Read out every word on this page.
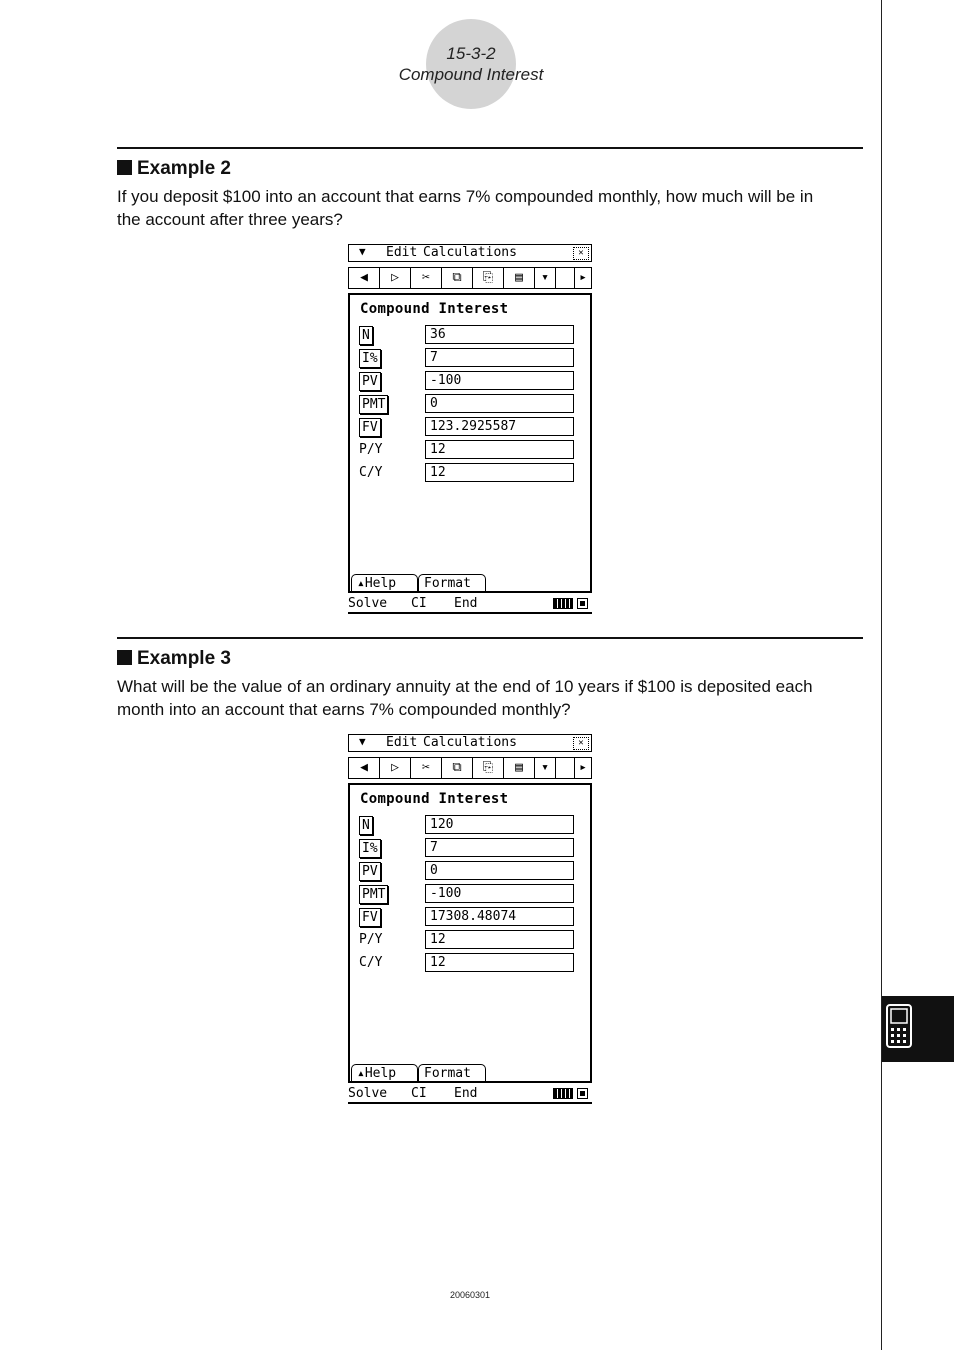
15-3-2
Compound Interest
Example 2
If you deposit $100 into an account that earns 7% compounded monthly, how much will be in
the account after three years?
▼ Edit Calculations	✕
◀	▷	✂	⧉	⎘	▤	▾	▸
Compound Interest
N	36
I%	7
PV	-100
PMT	0
FV	123.2925587
P/Y	12
C/Y	12
▴Help	Format
Solve CI End
Example 3
What will be the value of an ordinary annuity at the end of 10 years if $100 is deposited each
month into an account that earns 7% compounded monthly?
▼ Edit Calculations	✕
◀	▷	✂	⧉	⎘	▤	▾	▸
Compound Interest
N	120
I%	7
PV	0
PMT	-100
FV	17308.48074
P/Y	12
C/Y	12
▴Help	Format
Solve CI End
20060301
